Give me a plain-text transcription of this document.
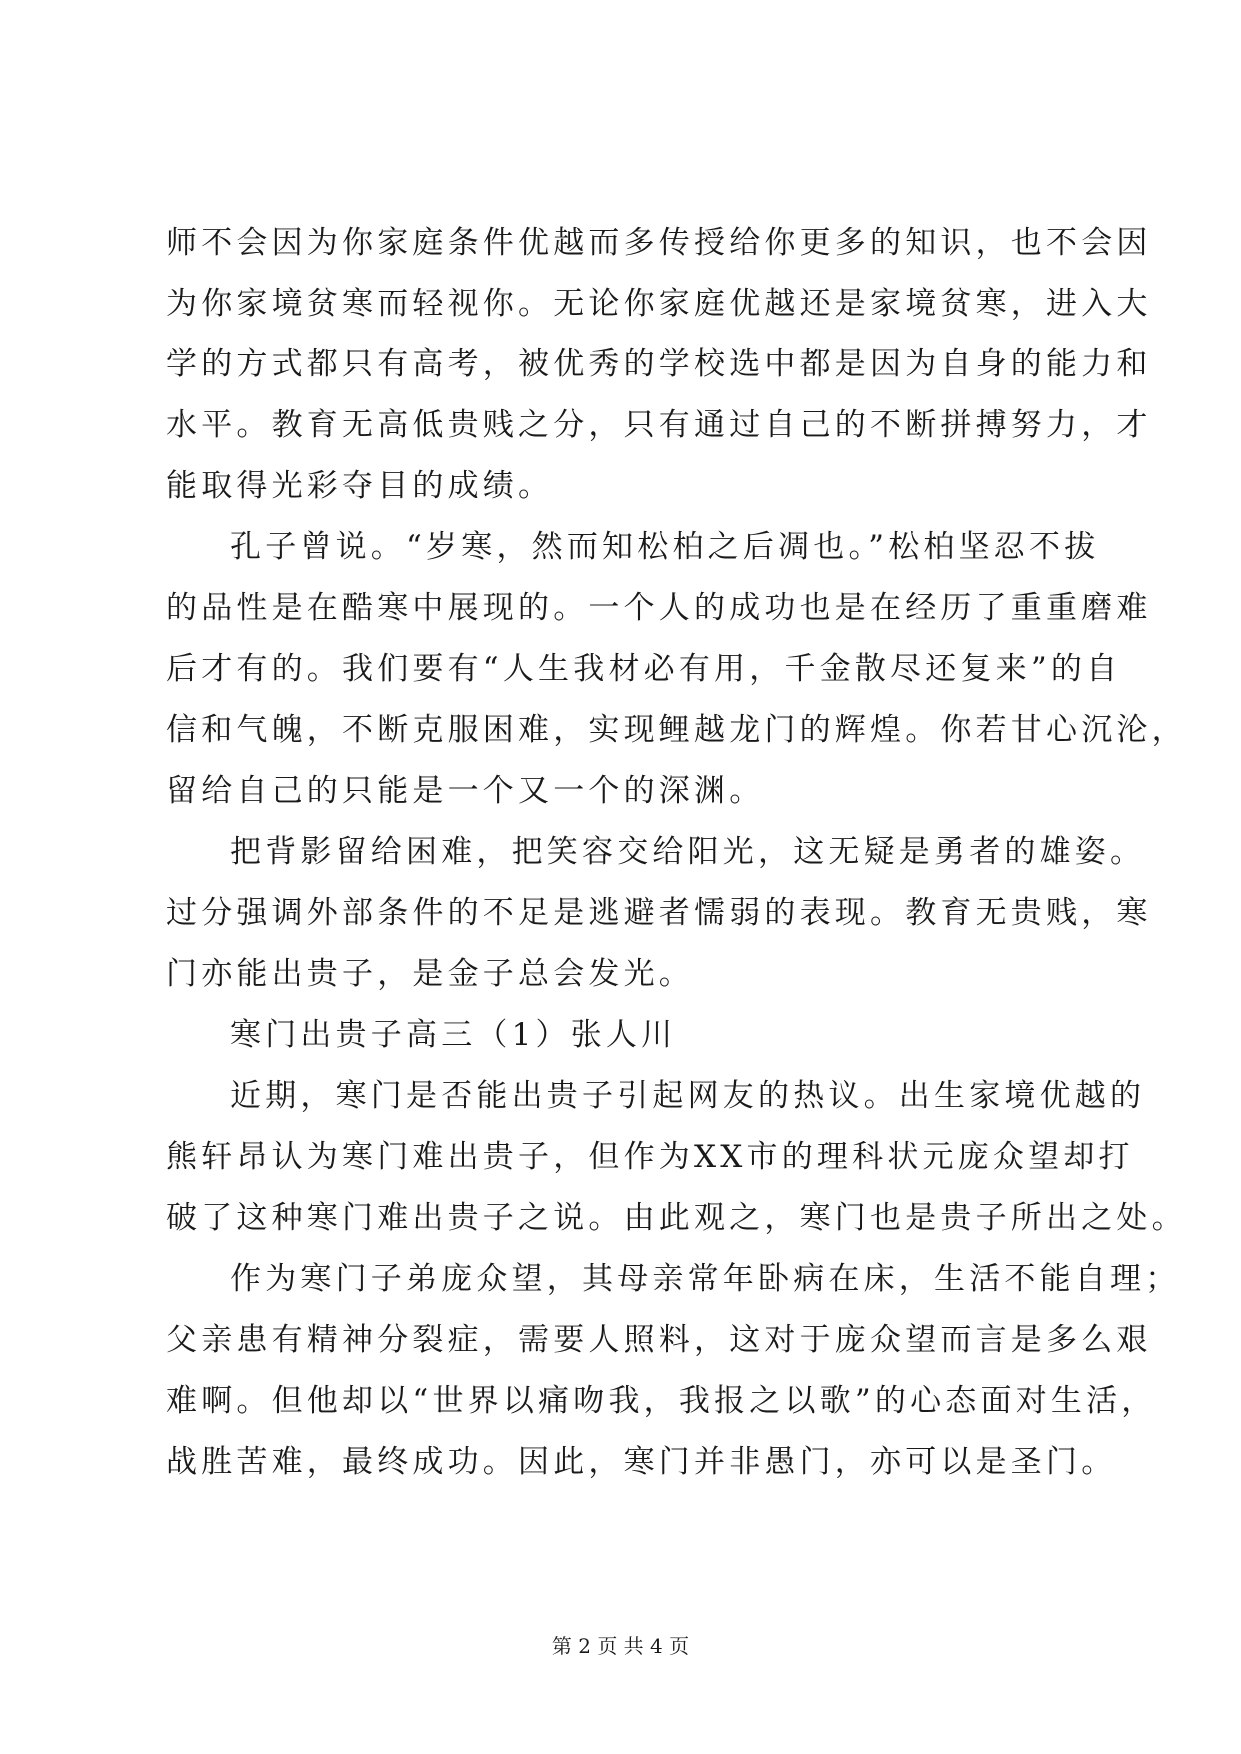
师不会因为你家庭条件优越而多传授给你更多的知识，也不会因
为你家境贫寒而轻视你。无论你家庭优越还是家境贫寒，进入大
学的方式都只有高考，被优秀的学校选中都是因为自身的能力和
水平。教育无高低贵贱之分，只有通过自己的不断拼搏努力，才
能取得光彩夺目的成绩。
孔子曾说。“岁寒，然而知松柏之后凋也。”松柏坚忍不拔
的品性是在酷寒中展现的。一个人的成功也是在经历了重重磨难
后才有的。我们要有“人生我材必有用，千金散尽还复来”的自
信和气魄，不断克服困难，实现鲤越龙门的辉煌。你若甘心沉沦，
留给自己的只能是一个又一个的深渊。
把背影留给困难，把笑容交给阳光，这无疑是勇者的雄姿。
过分强调外部条件的不足是逃避者懦弱的表现。教育无贵贱，寒
门亦能出贵子，是金子总会发光。
寒门出贵子高三（1）张人川
近期，寒门是否能出贵子引起网友的热议。出生家境优越的
熊轩昂认为寒门难出贵子，但作为XX市的理科状元庞众望却打
破了这种寒门难出贵子之说。由此观之，寒门也是贵子所出之处。
作为寒门子弟庞众望，其母亲常年卧病在床，生活不能自理；
父亲患有精神分裂症，需要人照料，这对于庞众望而言是多么艰
难啊。但他却以“世界以痛吻我，我报之以歌”的心态面对生活，
战胜苦难，最终成功。因此，寒门并非愚门，亦可以是圣门。
第 2 页 共 4 页
